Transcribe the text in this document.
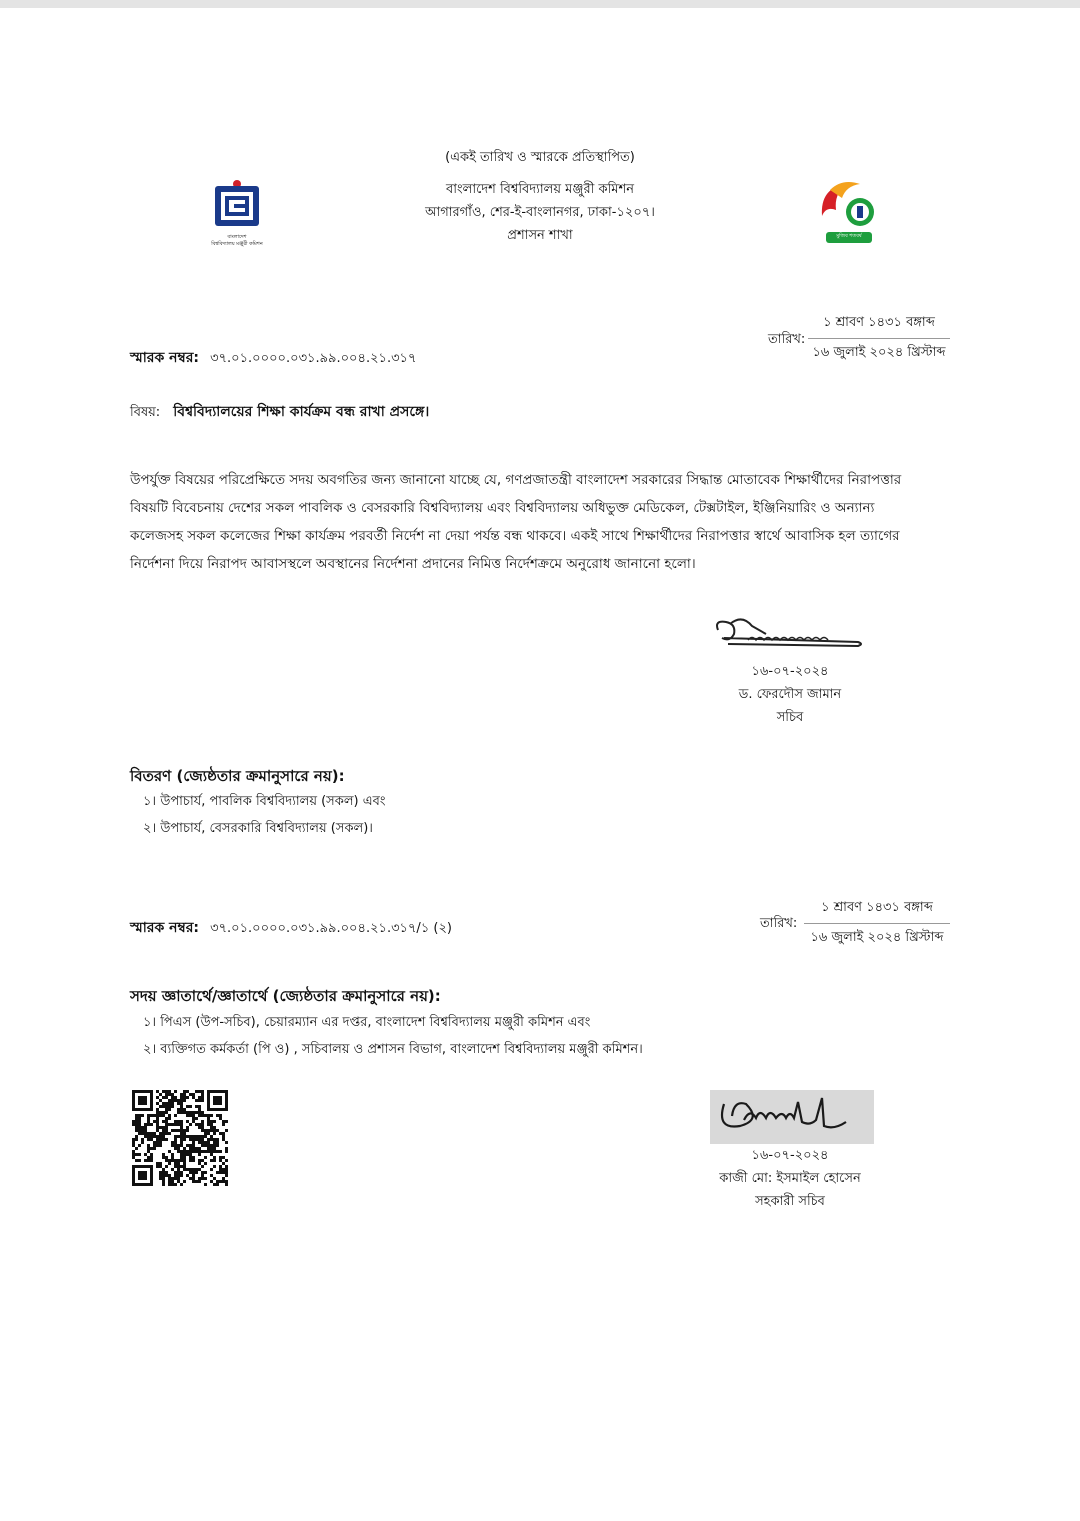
বাংলাদেশ
বিশ্ববিদ্যালয় মঞ্জুরী কমিশন
(একই তারিখ ও স্মারকে প্রতিস্থাপিত)
বাংলাদেশ বিশ্ববিদ্যালয় মঞ্জুরী কমিশন
আগারগাঁও, শের-ই-বাংলানগর, ঢাকা-১২০৭।
প্রশাসন শাখা	মুজিব শতবর্ষ
স্মারক নম্বর: ৩৭.০১.০০০০.০৩১.৯৯.০০৪.২১.৩১৭
তারিখ:
১ শ্রাবণ ১৪৩১ বঙ্গাব্দ
১৬ জুলাই ২০২৪ খ্রিস্টাব্দ
বিষয়: বিশ্ববিদ্যালয়ের শিক্ষা কার্যক্রম বন্ধ রাখা প্রসঙ্গে।
উপর্যুক্ত বিষয়ের পরিপ্রেক্ষিতে সদয় অবগতির জন্য জানানো যাচ্ছে যে, গণপ্রজাতন্ত্রী বাংলাদেশ সরকারের সিদ্ধান্ত মোতাবেক শিক্ষার্থীদের নিরাপত্তার
বিষয়টি বিবেচনায় দেশের সকল পাবলিক ও বেসরকারি বিশ্ববিদ্যালয় এবং বিশ্ববিদ্যালয় অধিভুক্ত মেডিকেল, টেক্সটাইল, ইঞ্জিনিয়ারিং ও অন্যান্য
কলেজসহ সকল কলেজের শিক্ষা কার্যক্রম পরবর্তী নির্দেশ না দেয়া পর্যন্ত বন্ধ থাকবে। একই সাথে শিক্ষার্থীদের নিরাপত্তার স্বার্থে আবাসিক হল ত্যাগের
নির্দেশনা দিয়ে নিরাপদ আবাসস্থলে অবস্থানের নির্দেশনা প্রদানের নিমিত্ত নির্দেশক্রমে অনুরোধ জানানো হলো।
১৬-০৭-২০২৪
ড. ফেরদৌস জামান
সচিব
বিতরণ (জ্যেষ্ঠতার ক্রমানুসারে নয়):
১। উপাচার্য, পাবলিক বিশ্ববিদ্যালয় (সকল) এবং
২। উপাচার্য, বেসরকারি বিশ্ববিদ্যালয় (সকল)।
স্মারক নম্বর: ৩৭.০১.০০০০.০৩১.৯৯.০০৪.২১.৩১৭/১ (২)	তারিখ:
১ শ্রাবণ ১৪৩১ বঙ্গাব্দ
১৬ জুলাই ২০২৪ খ্রিস্টাব্দ
সদয় জ্ঞাতার্থে/জ্ঞাতার্থে (জ্যেষ্ঠতার ক্রমানুসারে নয়):
১। পিএস (উপ-সচিব), চেয়ারম্যান এর দপ্তর, বাংলাদেশ বিশ্ববিদ্যালয় মঞ্জুরী কমিশন এবং
২। ব্যক্তিগত কর্মকর্তা (পি ও) , সচিবালয় ও প্রশাসন বিভাগ, বাংলাদেশ বিশ্ববিদ্যালয় মঞ্জুরী কমিশন।
১৬-০৭-২০২৪
কাজী মো: ইসমাইল হোসেন
সহকারী সচিব
